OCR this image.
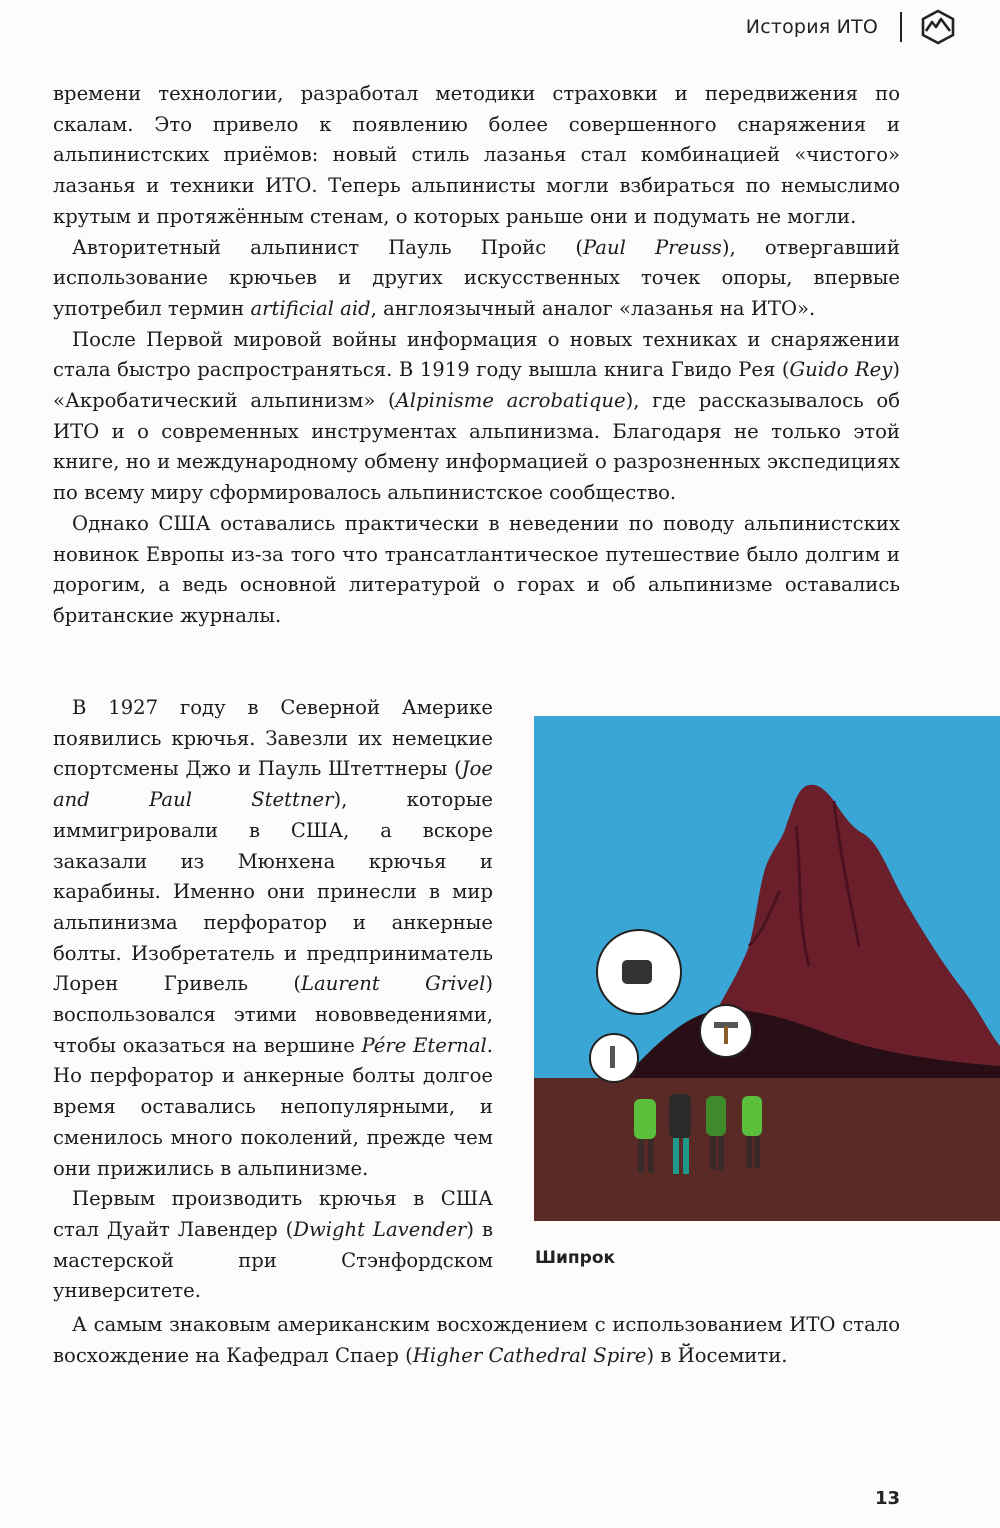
История ИТО

времени технологии, разработал методики страховки и передвижения по скалам. Это привело к появлению более совершенного снаряжения и альпинистских приёмов: новый стиль лазанья стал комбинацией «чистого» лазанья и техники ИТО. Теперь альпинисты могли взбираться по немыслимо крутым и протяжённым стенам, о которых раньше они и подумать не могли.

Авторитетный альпинист Пауль Пройс (Paul Preuss), отвергавший использование крючьев и других искусственных точек опоры, впервые употребил термин artificial aid, англоязычный аналог «лазанья на ИТО».

После Первой мировой войны информация о новых техниках и снаряжении стала быстро распространяться. В 1919 году вышла книга Гвидо Рея (Guido Rey) «Акробатический альпинизм» (Alpinisme acrobatique), где рассказывалось об ИТО и о современных инструментах альпинизма. Благодаря не только этой книге, но и международному обмену информацией о разрозненных экспедициях по всему миру сформировалось альпинистское сообщество.

Однако США оставались практически в неведении по поводу альпинистских новинок Европы из-за того что трансатлантическое путешествие было долгим и дорогим, а ведь основной литературой о горах и об альпинизме оставались британские журналы.

В 1927 году в Северной Америке появились крючья. Завезли их немецкие спортсмены Джо и Пауль Штеттнеры (Joe and Paul Stettner), которые иммигрировали в США, а вскоре заказали из Мюнхена крючья и карабины. Именно они принесли в мир альпинизма перфоратор и анкерные болты. Изобретатель и предприниматель Лорен Гривель (Laurent Grivel) воспользовался этими нововведениями, чтобы оказаться на вершине Pére Eternal. Но перфоратор и анкерные болты долгое время оставались непопулярными, и сменилось много поколений, прежде чем они прижились в альпинизме.

Первым производить крючья в США стал Дуайт Лавендер (Dwight Lavender) в мастерской при Стэнфордском университете.

А самым знаковым американским восхождением с использованием ИТО стало восхождение на Кафедрал Спаер (Higher Cathedral Spire) в Йосемити.

Шипрок
13
